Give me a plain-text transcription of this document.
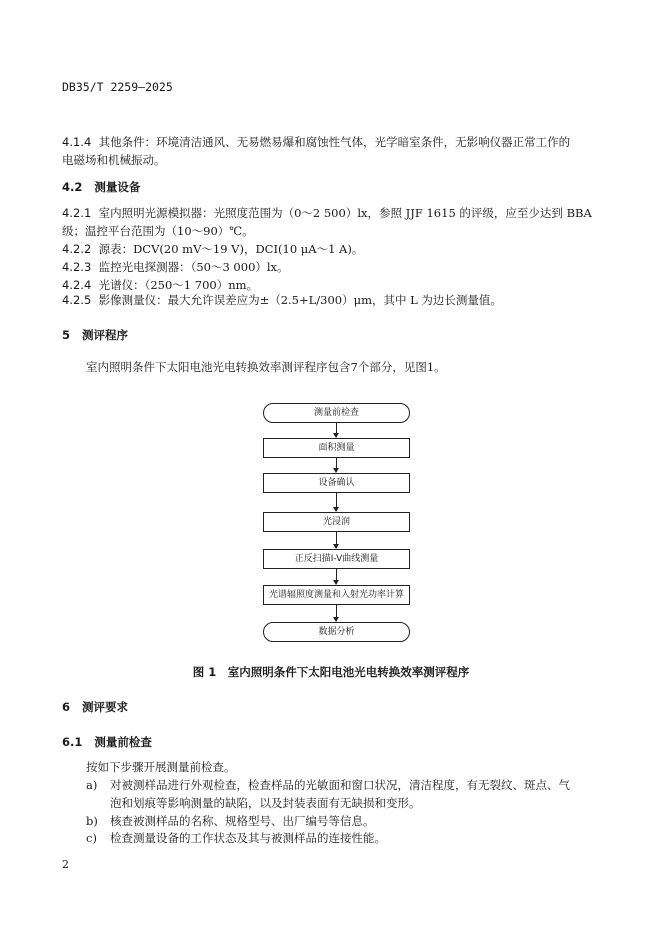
DB35/T 2259—2025
4.1.4 其他条件：环境清洁通风、无易燃易爆和腐蚀性气体，光学暗室条件，无影响仪器正常工作的
电磁场和机械振动。
4.2 测量设备
4.2.1 室内照明光源模拟器：光照度范围为（0～2 500）lx，参照 JJF 1615 的评级，应至少达到 BBA
级；温控平台范围为（10～90）℃。
4.2.2 源表：DCV(20 mV～19 V)，DCI(10 μA～1 A)。
4.2.3 监控光电探测器：（50～3 000）lx。
4.2.4 光谱仪：（250～1 700）nm。
4.2.5 影像测量仪：最大允许误差应为±（2.5+L/300）μm，其中 L 为边长测量值。
5 测评程序
室内照明条件下太阳电池光电转换效率测评程序包含7个部分，见图1。
测量前检查
面积测量
设备确认
光浸润
正反扫描I-V曲线测量
光谱辐照度测量和入射光功率计算
数据分析
图 1　室内照明条件下太阳电池光电转换效率测评程序
6 测评要求
6.1 测量前检查
按如下步骤开展测量前检查。
a) 对被测样品进行外观检查，检查样品的光敏面和窗口状况，清洁程度，有无裂纹、斑点、气
泡和划痕等影响测量的缺陷，以及封装表面有无缺损和变形。
b) 核查被测样品的名称、规格型号、出厂编号等信息。
c) 检查测量设备的工作状态及其与被测样品的连接性能。
2
